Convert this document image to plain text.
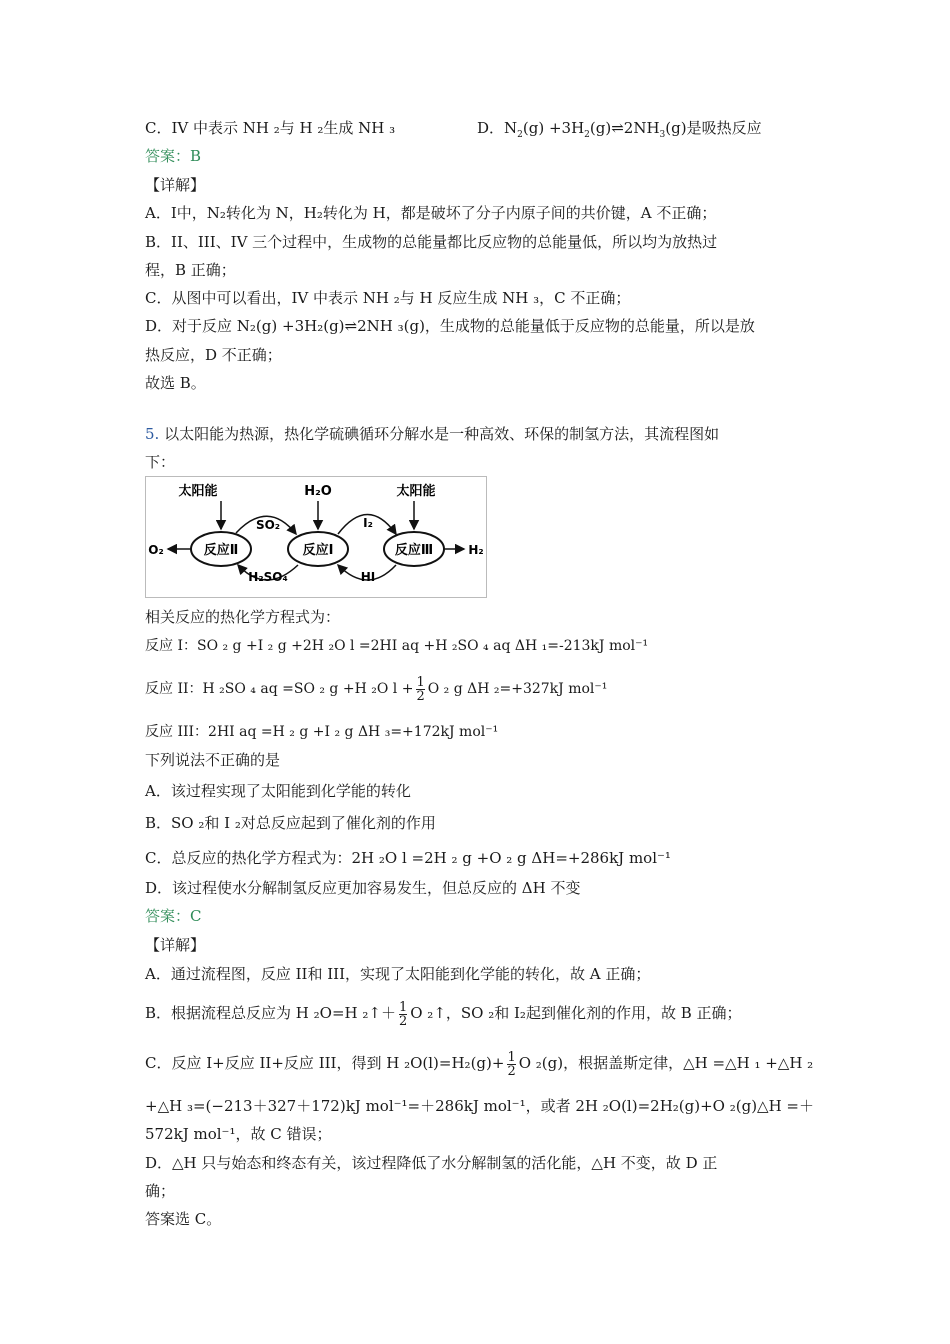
C．IV 中表示 NH ₂与 H ₂生成 NH ₃	D．$N_2(g)$ $+3H_2(g)\rightleftharpoons 2NH_3(g)$是吸热反应
答案：B
【详解】
A．I中，N₂转化为 N，H₂转化为 H，都是破坏了分子内原子间的共价键，A 不正确；
B．II、III、IV 三个过程中，生成物的总能量都比反应物的总能量低，所以均为放热过
程，B 正确；
C．从图中可以看出，IV 中表示 NH ₂与 H 反应生成 NH ₃，C 不正确；
D．对于反应 N₂(g) +3H₂(g)⇌2NH ₃(g)，生成物的总能量低于反应物的总能量，所以是放
热反应，D 不正确；
故选 B。
5. 以太阳能为热源，热化学硫碘循环分解水是一种高效、环保的制氢方法，其流程图如
下：
太阳能	H₂O	太阳能
反应Ⅱ	反应Ⅰ	反应Ⅲ
O₂	H₂
SO₂	I₂
H₂SO₄	HI
相关反应的热化学方程式为：
反应 I：SO ₂ g +I ₂ g +2H ₂O l =2HI aq +H ₂SO ₄ aq ΔH ₁=-213kJ mol⁻¹
反应 II：H ₂SO ₄ aq =SO ₂ g +H ₂O $l + \frac{1}{2}$ O ₂ g ΔH ₂=+327kJ mol⁻¹
反应 III：2HI aq =H ₂ g +I ₂ g ΔH ₃=+172kJ mol⁻¹
下列说法不正确的是
A．该过程实现了太阳能到化学能的转化
B．SO ₂和 I ₂对总反应起到了催化剂的作用
C．总反应的热化学方程式为：2H ₂O l =2H ₂ g +O ₂ g ΔH=+286kJ mol⁻¹
D．该过程使水分解制氢反应更加容易发生，但总反应的 ΔH 不变
答案：C
【详解】
A．通过流程图，反应 II和 III，实现了太阳能到化学能的转化，故 A 正确；
B．根据流程总反应为 H ₂O=H ₂↑＋ $\frac{1}{2}$ O ₂↑，SO ₂和 I₂起到催化剂的作用，故 B 正确；
C．反应 I+反应 II+反应 III，得到 H $_2O(l)=H_2(g)+ \frac{1}{2}$ O ₂(g)，根据盖斯定律，△H =△H ₁ +△H ₂
+△H ₃=(−213＋327＋172)kJ mol⁻¹=＋286kJ mol⁻¹，或者 2H ₂O(l)=2H₂(g)+O ₂(g)△H =＋
572kJ mol⁻¹，故 C 错误；
D．△H 只与始态和终态有关，该过程降低了水分解制氢的活化能，△H 不变，故 D 正
确；
答案选 C。
